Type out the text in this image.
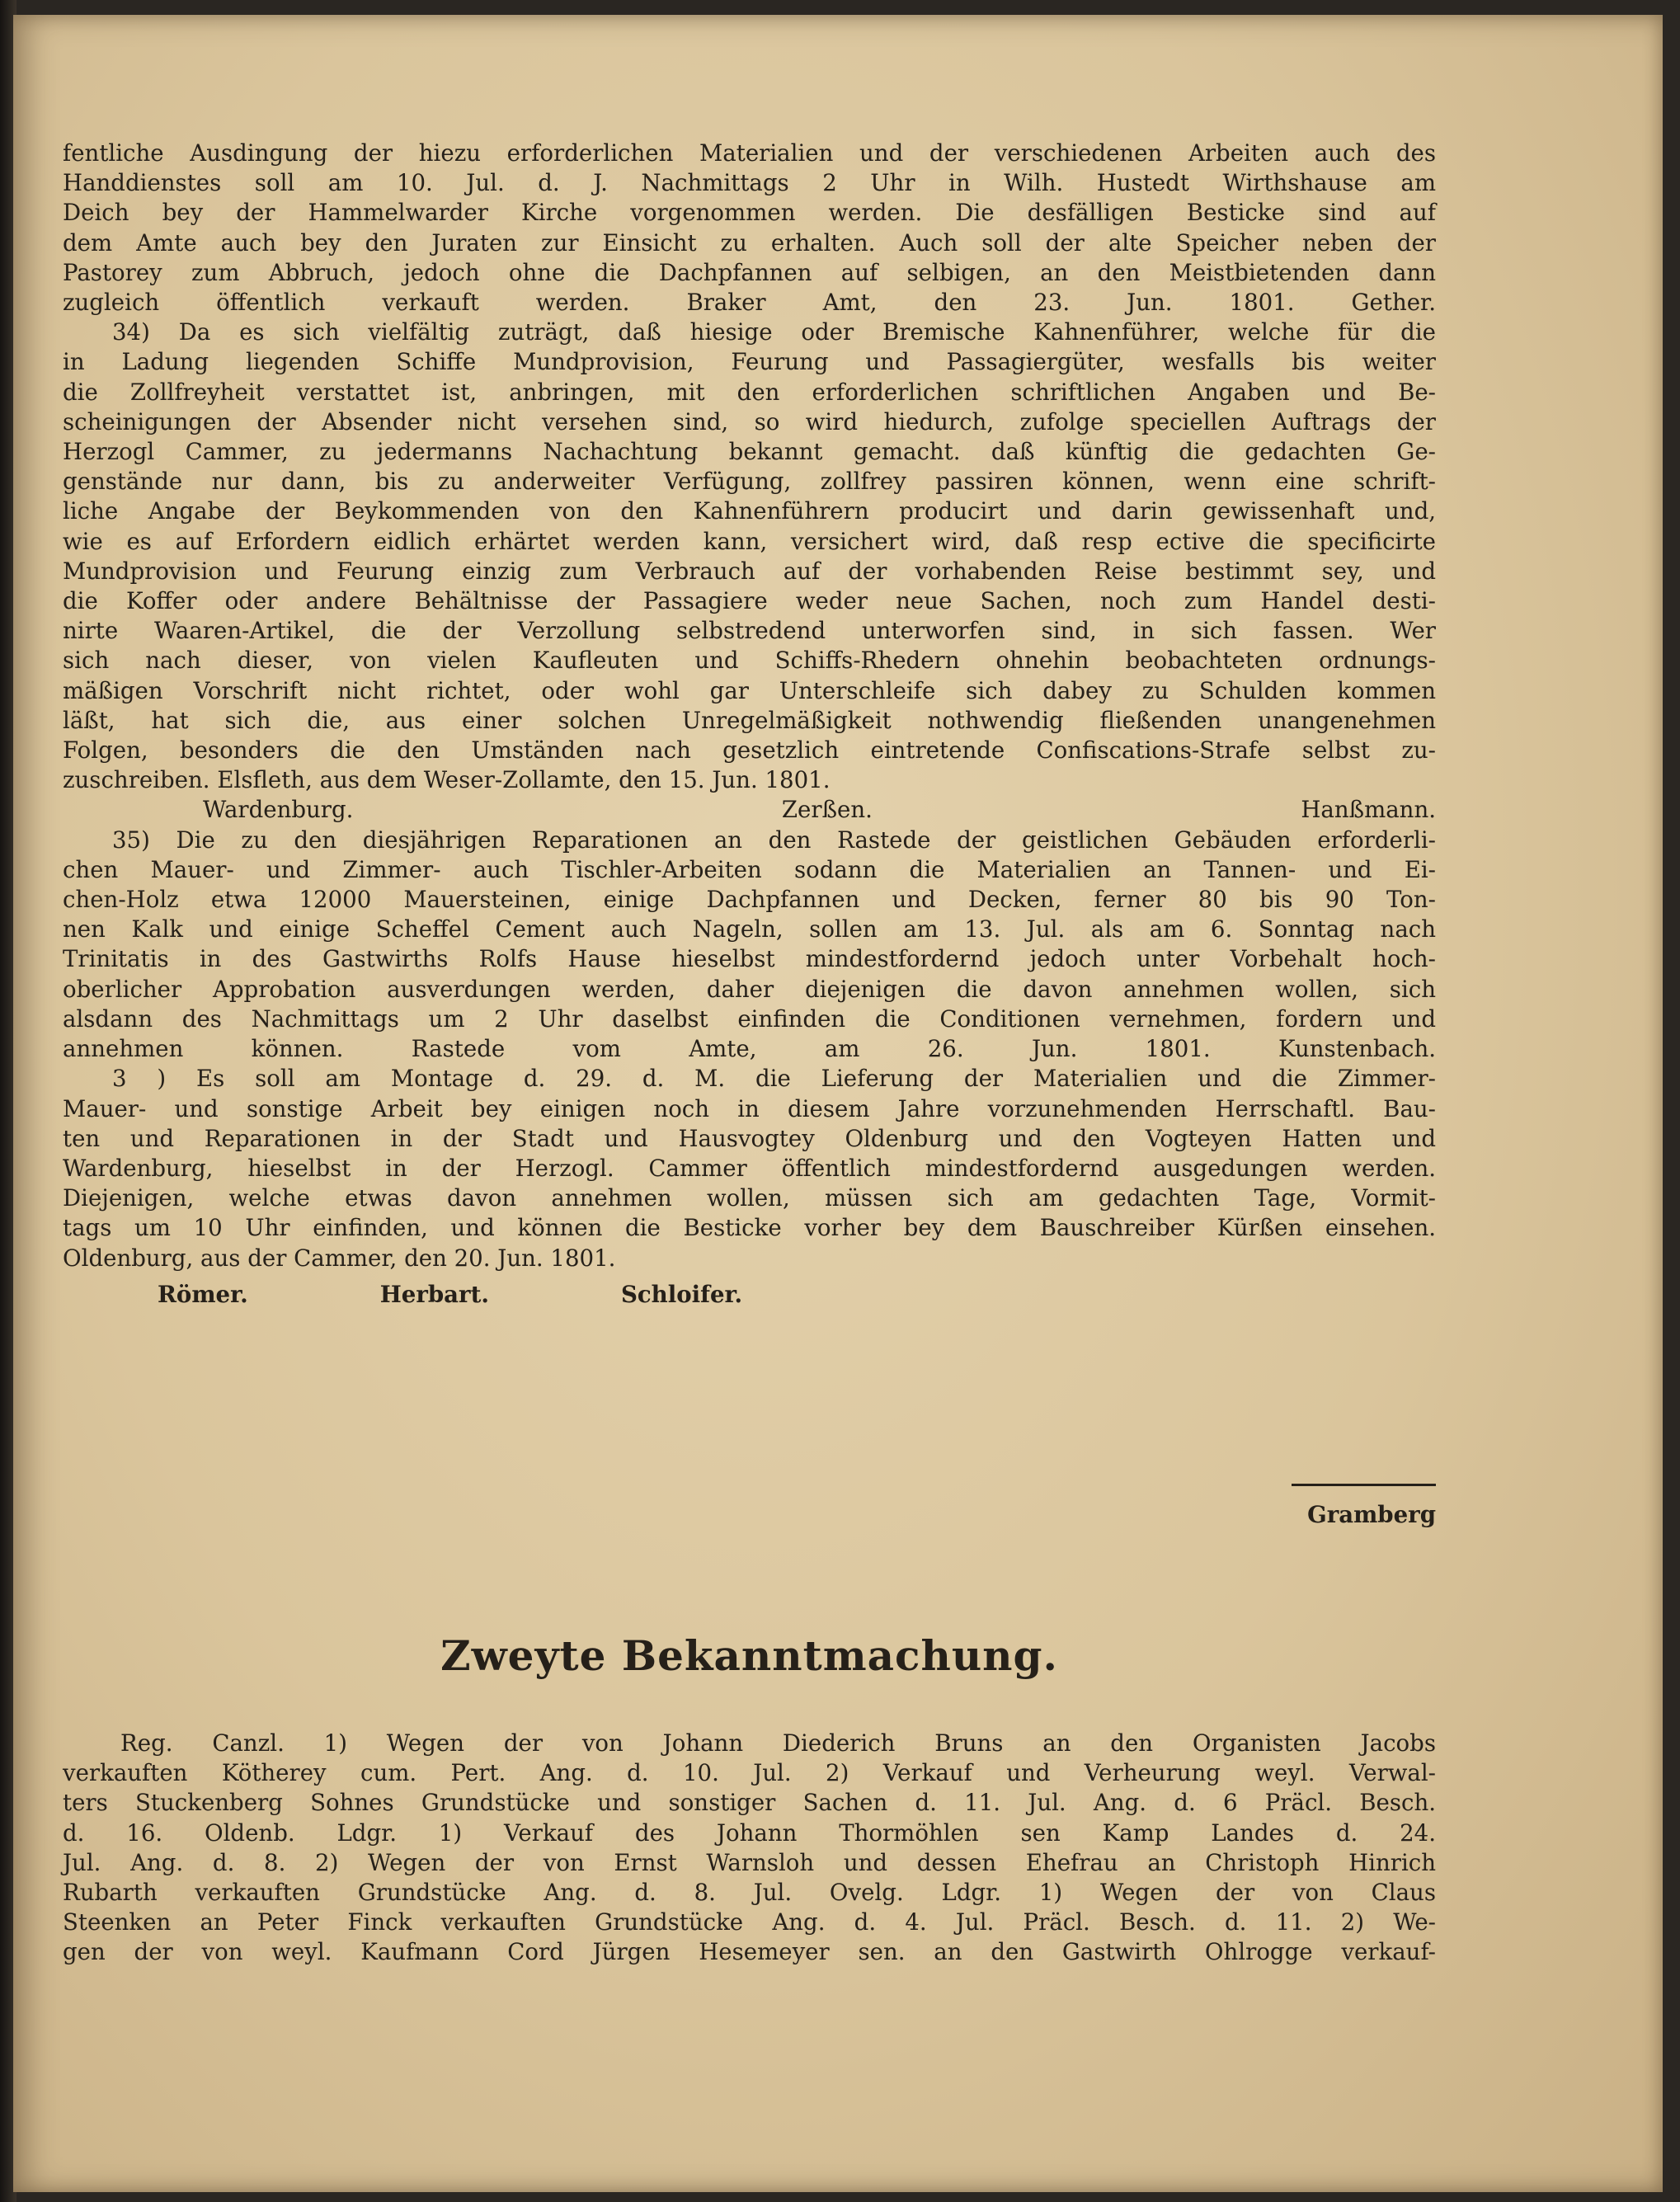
fentliche Ausdingung der hiezu erforderlichen Materialien und der verschiedenen Arbeiten auch des

Handdienstes soll am 10. Jul. d. J. Nachmittags 2 Uhr in Wilh. Hustedt Wirthshause am

Deich bey der Hammelwarder Kirche vorgenommen werden. Die desfälligen Besticke sind auf

dem Amte auch bey den Juraten zur Einsicht zu erhalten. Auch soll der alte Speicher neben der

Pastorey zum Abbruch, jedoch ohne die Dachpfannen auf selbigen, an den Meistbietenden dann

zugleich öffentlich verkauft werden. Braker Amt, den 23. Jun. 1801. Gether.

34) Da es sich vielfältig zuträgt, daß hiesige oder Bremische Kahnenführer, welche für die

in Ladung liegenden Schiffe Mundprovision, Feurung und Passagiergüter, wesfalls bis weiter

die Zollfreyheit verstattet ist, anbringen, mit den erforderlichen schriftlichen Angaben und Be-

scheinigungen der Absender nicht versehen sind, so wird hiedurch, zufolge speciellen Auftrags der

Herzogl Cammer, zu jedermanns Nachachtung bekannt gemacht. daß künftig die gedachten Ge-

genstände nur dann, bis zu anderweiter Verfügung, zollfrey passiren können, wenn eine schrift-

liche Angabe der Beykommenden von den Kahnenführern producirt und darin gewissenhaft und,

wie es auf Erfordern eidlich erhärtet werden kann, versichert wird, daß resp ective die specificirte

Mundprovision und Feurung einzig zum Verbrauch auf der vorhabenden Reise bestimmt sey, und

die Koffer oder andere Behältnisse der Passagiere weder neue Sachen, noch zum Handel desti-

nirte Waaren-Artikel, die der Verzollung selbstredend unterworfen sind, in sich fassen. Wer

sich nach dieser, von vielen Kaufleuten und Schiffs-Rhedern ohnehin beobachteten ordnungs-

mäßigen Vorschrift nicht richtet, oder wohl gar Unterschleife sich dabey zu Schulden kommen

läßt, hat sich die, aus einer solchen Unregelmäßigkeit nothwendig fließenden unangenehmen

Folgen, besonders die den Umständen nach gesetzlich eintretende Confiscations-Strafe selbst zu-

zuschreiben. Elsfleth, aus dem Weser-Zollamte, den 15. Jun. 1801.

Wardenburg. Zerßen. Hanßmann.

35) Die zu den diesjährigen Reparationen an den Rastede der geistlichen Gebäuden erforderli-

chen Mauer- und Zimmer- auch Tischler-Arbeiten sodann die Materialien an Tannen- und Ei-

chen-Holz etwa 12000 Mauersteinen, einige Dachpfannen und Decken, ferner 80 bis 90 Ton-

nen Kalk und einige Scheffel Cement auch Nageln, sollen am 13. Jul. als am 6. Sonntag nach

Trinitatis in des Gastwirths Rolfs Hause hieselbst mindestfordernd jedoch unter Vorbehalt hoch-

oberlicher Approbation ausverdungen werden, daher diejenigen die davon annehmen wollen, sich

alsdann des Nachmittags um 2 Uhr daselbst einfinden die Conditionen vernehmen, fordern und

annehmen können. Rastede vom Amte, am 26. Jun. 1801. Kunstenbach.

3 ) Es soll am Montage d. 29. d. M. die Lieferung der Materialien und die Zimmer-

Mauer- und sonstige Arbeit bey einigen noch in diesem Jahre vorzunehmenden Herrschaftl. Bau-

ten und Reparationen in der Stadt und Hausvogtey Oldenburg und den Vogteyen Hatten und

Wardenburg, hieselbst in der Herzogl. Cammer öffentlich mindestfordernd ausgedungen werden.

Diejenigen, welche etwas davon annehmen wollen, müssen sich am gedachten Tage, Vormit-

tags um 10 Uhr einfinden, und können die Besticke vorher bey dem Bauschreiber Kürßen einsehen.

Oldenburg, aus der Cammer, den 20. Jun. 1801.

Römer.	Herbart.	Schloifer.
Gramberg
Zweyte Bekanntmachung.

Reg. Canzl. 1) Wegen der von Johann Diederich Bruns an den Organisten Jacobs

verkauften Kötherey cum. Pert. Ang. d. 10. Jul. 2) Verkauf und Verheurung weyl. Verwal-

ters Stuckenberg Sohnes Grundstücke und sonstiger Sachen d. 11. Jul. Ang. d. 6 Präcl. Besch.

d. 16. Oldenb. Ldgr. 1) Verkauf des Johann Thormöhlen sen Kamp Landes d. 24.

Jul. Ang. d. 8. 2) Wegen der von Ernst Warnsloh und dessen Ehefrau an Christoph Hinrich

Rubarth verkauften Grundstücke Ang. d. 8. Jul. Ovelg. Ldgr. 1) Wegen der von Claus

Steenken an Peter Finck verkauften Grundstücke Ang. d. 4. Jul. Präcl. Besch. d. 11. 2) We-

gen der von weyl. Kaufmann Cord Jürgen Hesemeyer sen. an den Gastwirth Ohlrogge verkauf-
